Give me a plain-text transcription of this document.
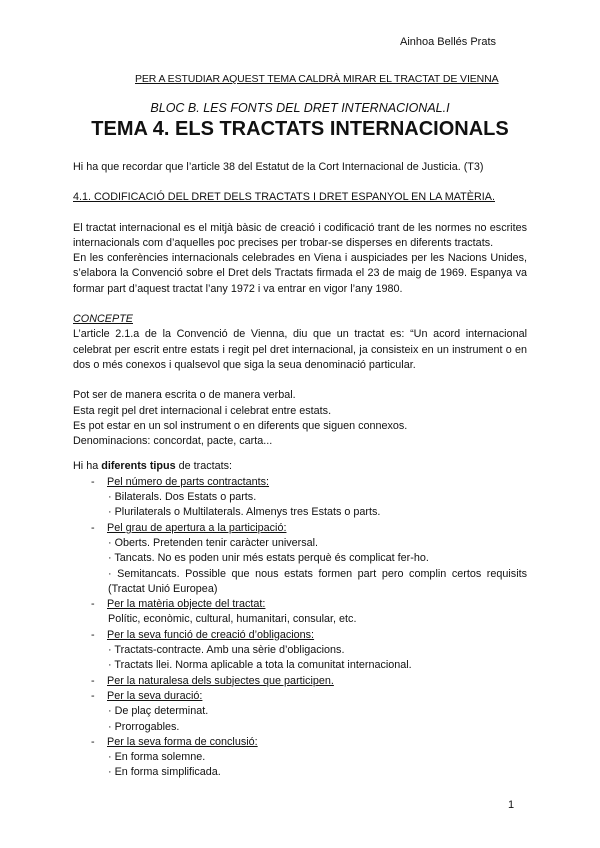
Ainhoa Bellés Prats
PER A ESTUDIAR AQUEST TEMA CALDRÀ MIRAR EL TRACTAT DE VIENNA
BLOC B. LES FONTS DEL DRET INTERNACIONAL.I
TEMA 4. ELS TRACTATS INTERNACIONALS

Hi ha que recordar que l’article 38 del Estatut de la Cort Internacional de Justicia. (T3)

4.1. CODIFICACIÓ DEL DRET DELS TRACTATS I DRET ESPANYOL EN LA MATÈRIA.

El tractat internacional es el mitjà bàsic de creació i codificació trant de les normes no escrites internacionals com d’aquelles poc precises per trobar-se disperses en diferents tractats.

En les conferències internacionals celebrades en Viena i auspiciades per les Nacions Unides, s’elabora la Convenció sobre el Dret dels Tractats firmada el 23 de maig de 1969. Espanya va formar part d’aquest tractat l’any 1972 i va entrar en vigor l’any 1980.

CONCEPTE

L’article 2.1.a de la Convenció de Vienna, diu que un tractat es: “Un acord internacional celebrat per escrit entre estats i regit pel dret internacional, ja consisteix en un instrument o en dos o més conexos i qualsevol que siga la seua denominació particular.

Pot ser de manera escrita o de manera verbal.

Esta regit pel dret internacional i celebrat entre estats.

Es pot estar en un sol instrument o en diferents que siguen connexos.

Denominacions: concordat, pacte, carta...

Hi ha diferents tipus de tractats:

- Pel número de parts contractants:
· Bilaterals. Dos Estats o parts.
· Plurilaterals o Multilaterals. Almenys tres Estats o parts.
- Pel grau de apertura a la participació:
· Oberts. Pretenden tenir caràcter universal.
· Tancats. No es poden unir més estats perquè és complicat fer-ho.
· Semitancats. Possible que nous estats formen part pero complin certos requisits (Tractat Unió Europea)
- Per la matèria objecte del tractat:
Polític, econòmic, cultural, humanitari, consular, etc.
- Per la seva funció de creació d’obligacions:
· Tractats-contracte. Amb una sèrie d’obligacions.
· Tractats llei. Norma aplicable a tota la comunitat internacional.
- Per la naturalesa dels subjectes que participen.
- Per la seva duració:
· De plaç determinat.
· Prorrogables.
- Per la seva forma de conclusió:
· En forma solemne.
· En forma simplificada.
1
